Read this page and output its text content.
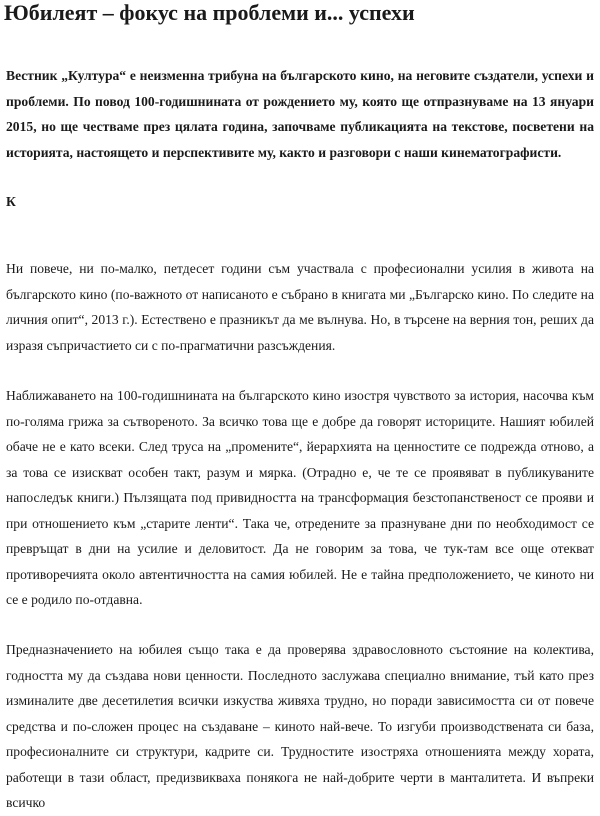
Юбилеят – фокус на проблеми и... успехи

Вестник „Култура“ е неизменна трибуна на българското кино, на неговите създатели, успехи и проблеми. По повод 100-годишнината от рождението му, която ще отпразнуваме на 13 януари 2015, но ще честваме през цялата година, започваме публикацията на текстове, посветени на историята, настоящето и перспективите му, както и разговори с наши кинематографисти.

К

Ни повече, ни по-малко, петдесет години съм участвала с професионални усилия в живота на българското кино (по-важното от написаното е събрано в книгата ми „Българско кино. По следите на личния опит“, 2013 г.). Естествено е празникът да ме вълнува. Но, в търсене на верния тон, реших да изразя съпричастието си с по-прагматични разсъждения.

Наближаването на 100-годишнината на българското кино изостря чувството за история, насочва към по-голяма грижа за сътвореното. За всичко това ще е добре да говорят историците. Нашият юбилей обаче не е като всеки. След труса на „промените“, йерархията на ценностите се подрежда отново, а за това се изискват особен такт, разум и мярка. (Отрадно е, че те се проявяват в публикуваните напоследък книги.) Пълзящата под привидността на трансформация безстопанственост се прояви и при отношението към „старите ленти“. Така че, отредените за празнуване дни по необходимост се превръщат в дни на усилие и деловитост. Да не говорим за това, че тук-там все още отекват противоречията около автентичността на самия юбилей. Не е тайна предположението, че киното ни се е родило по-отдавна.

Предназначението на юбилея също така е да проверява здравословното състояние на колектива, годността му да създава нови ценности. Последното заслужава специално внимание, тъй като през изминалите две десетилетия всички изкуства живяха трудно, но поради зависимостта си от повече средства и по-сложен процес на създаване – киното най-вече. То изгуби производствената си база, професионалните си структури, кадрите си. Трудностите изостряха отношенията между хората, работещи в тази област, предизвикваха понякога не най-добрите черти в манталитета. И въпреки всичко
